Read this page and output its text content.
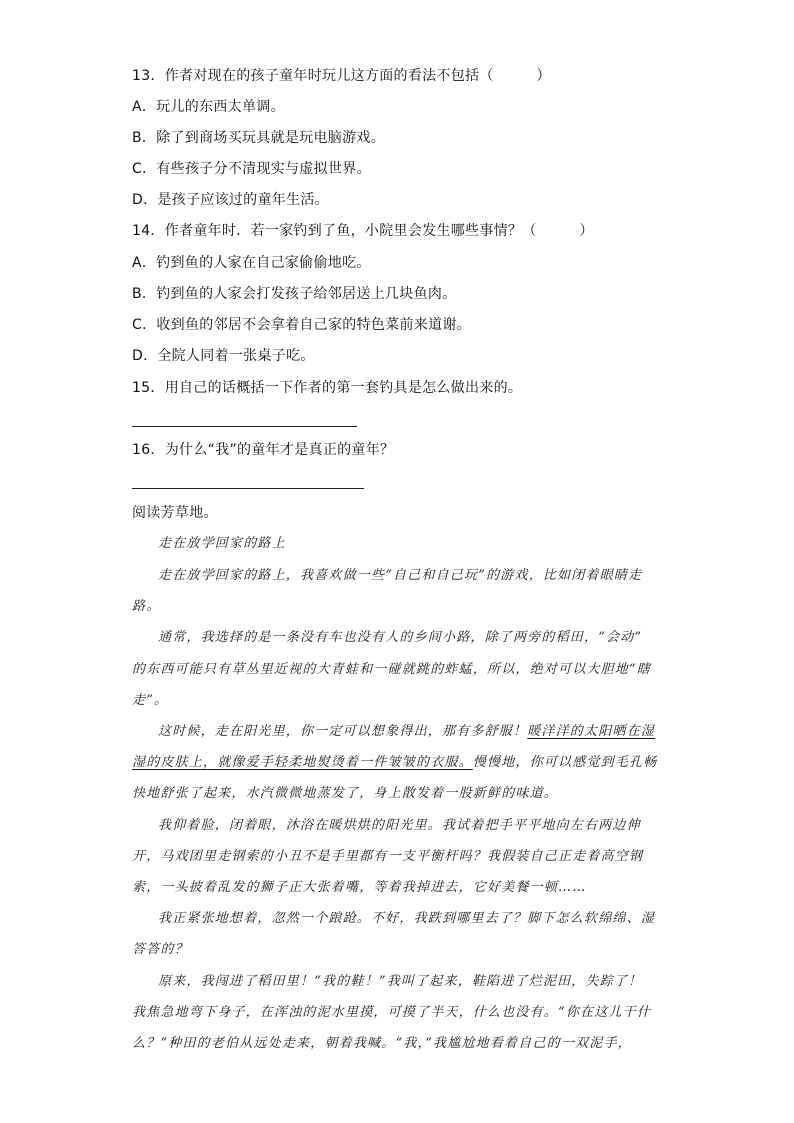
13．作者对现在的孩子童年时玩儿这方面的看法不包括（　　　）
A．玩儿的东西太单调。
B．除了到商场买玩具就是玩电脑游戏。
C．有些孩子分不清现实与虚拟世界。
D．是孩子应该过的童年生活。
14．作者童年时．若一家钓到了鱼，小院里会发生哪些事情？（　　　）
A．钓到鱼的人家在自己家偷偷地吃。
B．钓到鱼的人家会打发孩子给邻居送上几块鱼肉。
C．收到鱼的邻居不会拿着自己家的特色菜前来道谢。
D．全院人同着一张桌子吃。
15．用自己的话概括一下作者的第一套钓具是怎么做出来的。
16．为什么“我”的童年才是真正的童年？
阅读芳草地。
走在放学回家的路上
走在放学回家的路上，我喜欢做一些“自己和自己玩”的游戏，比如闭着眼睛走
路。
通常，我选择的是一条没有车也没有人的乡间小路，除了两旁的稻田，“会动”
的东西可能只有草丛里近视的大青蛙和一碰就跳的蚱蜢，所以，绝对可以大胆地“瞎
走”。
这时候，走在阳光里，你一定可以想象得出，那有多舒服！暖洋洋的太阳晒在湿
湿的皮肤上，就像爱手轻柔地熨烫着一件皱皱的衣服。慢慢地，你可以感觉到毛孔畅
快地舒张了起来，水汽微微地蒸发了，身上散发着一股新鲜的味道。
我仰着脸，闭着眼，沐浴在暖烘烘的阳光里。我试着把手平平地向左右两边伸
开，马戏团里走钢索的小丑不是手里都有一支平衡杆吗？我假装自己正走着高空钢
索，一头披着乱发的狮子正大张着嘴，等着我掉进去，它好美餐一顿……
我正紧张地想着，忽然一个踉跄。不好，我跌到哪里去了？脚下怎么软绵绵、湿
答答的？
原来，我闯进了稻田里！“我的鞋！”我叫了起来，鞋陷进了烂泥田，失踪了！
我焦急地弯下身子，在浑浊的泥水里摸，可摸了半天，什么也没有。“你在这儿干什
么？”种田的老伯从远处走来，朝着我喊。“我，”我尴尬地看着自己的一双泥手，
